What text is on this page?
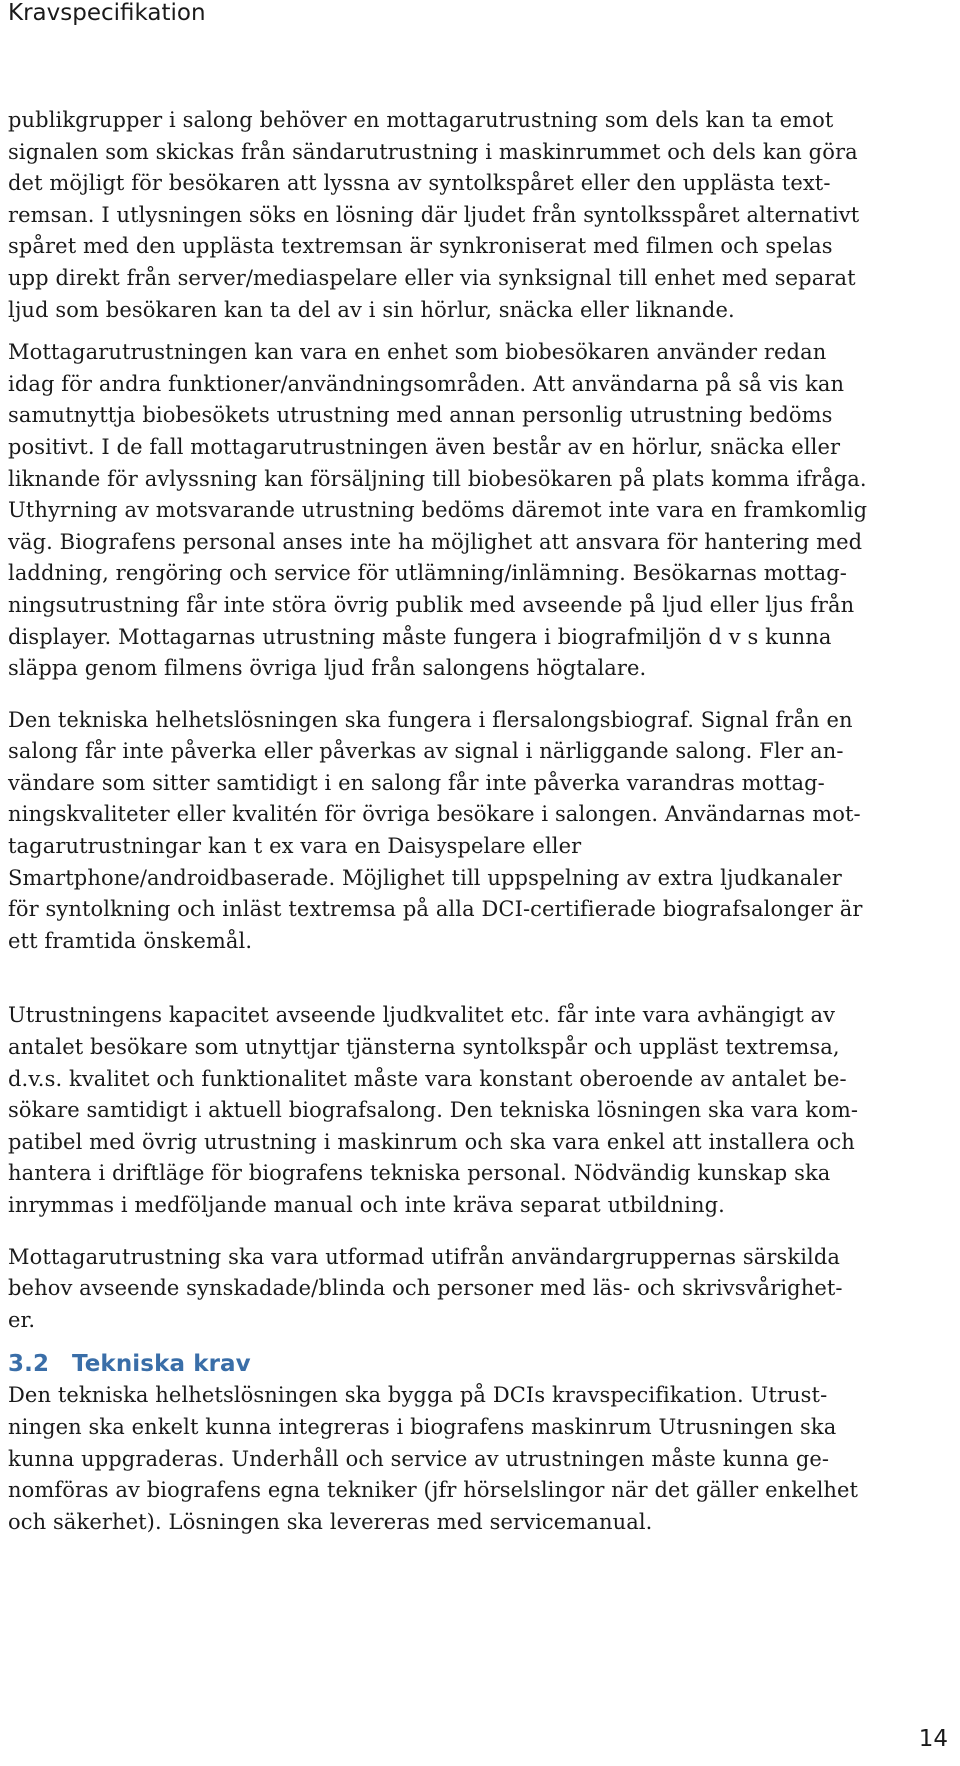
Kravspecifikation

publikgrupper i salong behöver en mottagarutrustning som dels kan ta emot
signalen som skickas från sändarutrustning i maskinrummet och dels kan göra
det möjligt för besökaren att lyssna av syntolkspåret eller den upplästa text-
remsan. I utlysningen söks en lösning där ljudet från syntolksspåret alternativt
spåret med den upplästa textremsan är synkroniserat med filmen och spelas
upp direkt från server/mediaspelare eller via synksignal till enhet med separat
ljud som besökaren kan ta del av i sin hörlur, snäcka eller liknande.

Mottagarutrustningen kan vara en enhet som biobesökaren använder redan
idag för andra funktioner/användningsområden. Att användarna på så vis kan
samutnyttja biobesökets utrustning med annan personlig utrustning bedöms
positivt. I de fall mottagarutrustningen även består av en hörlur, snäcka eller
liknande för avlyssning kan försäljning till biobesökaren på plats komma ifråga.
Uthyrning av motsvarande utrustning bedöms däremot inte vara en framkomlig
väg. Biografens personal anses inte ha möjlighet att ansvara för hantering med
laddning, rengöring och service för utlämning/inlämning. Besökarnas mottag-
ningsutrustning får inte störa övrig publik med avseende på ljud eller ljus från
displayer. Mottagarnas utrustning måste fungera i biografmiljön d v s kunna
släppa genom filmens övriga ljud från salongens högtalare.

Den tekniska helhetslösningen ska fungera i flersalongsbiograf. Signal från en
salong får inte påverka eller påverkas av signal i närliggande salong. Fler an-
vändare som sitter samtidigt i en salong får inte påverka varandras mottag-
ningskvaliteter eller kvalitén för övriga besökare i salongen. Användarnas mot-
tagarutrustningar kan t ex vara en Daisyspelare eller
Smartphone/androidbaserade. Möjlighet till uppspelning av extra ljudkanaler
för syntolkning och inläst textremsa på alla DCI-certifierade biografsalonger är
ett framtida önskemål.

Utrustningens kapacitet avseende ljudkvalitet etc. får inte vara avhängigt av
antalet besökare som utnyttjar tjänsterna syntolkspår och uppläst textremsa,
d.v.s. kvalitet och funktionalitet måste vara konstant oberoende av antalet be-
sökare samtidigt i aktuell biografsalong. Den tekniska lösningen ska vara kom-
patibel med övrig utrustning i maskinrum och ska vara enkel att installera och
hantera i driftläge för biografens tekniska personal. Nödvändig kunskap ska
inrymmas i medföljande manual och inte kräva separat utbildning.

Mottagarutrustning ska vara utformad utifrån användargruppernas särskilda
behov avseende synskadade/blinda och personer med läs- och skrivsvårighet-
er.

3.2 Tekniska krav

Den tekniska helhetslösningen ska bygga på DCIs kravspecifikation. Utrust-
ningen ska enkelt kunna integreras i biografens maskinrum Utrusningen ska
kunna uppgraderas. Underhåll och service av utrustningen måste kunna ge-
nomföras av biografens egna tekniker (jfr hörselslingor när det gäller enkelhet
och säkerhet). Lösningen ska levereras med servicemanual.

14
